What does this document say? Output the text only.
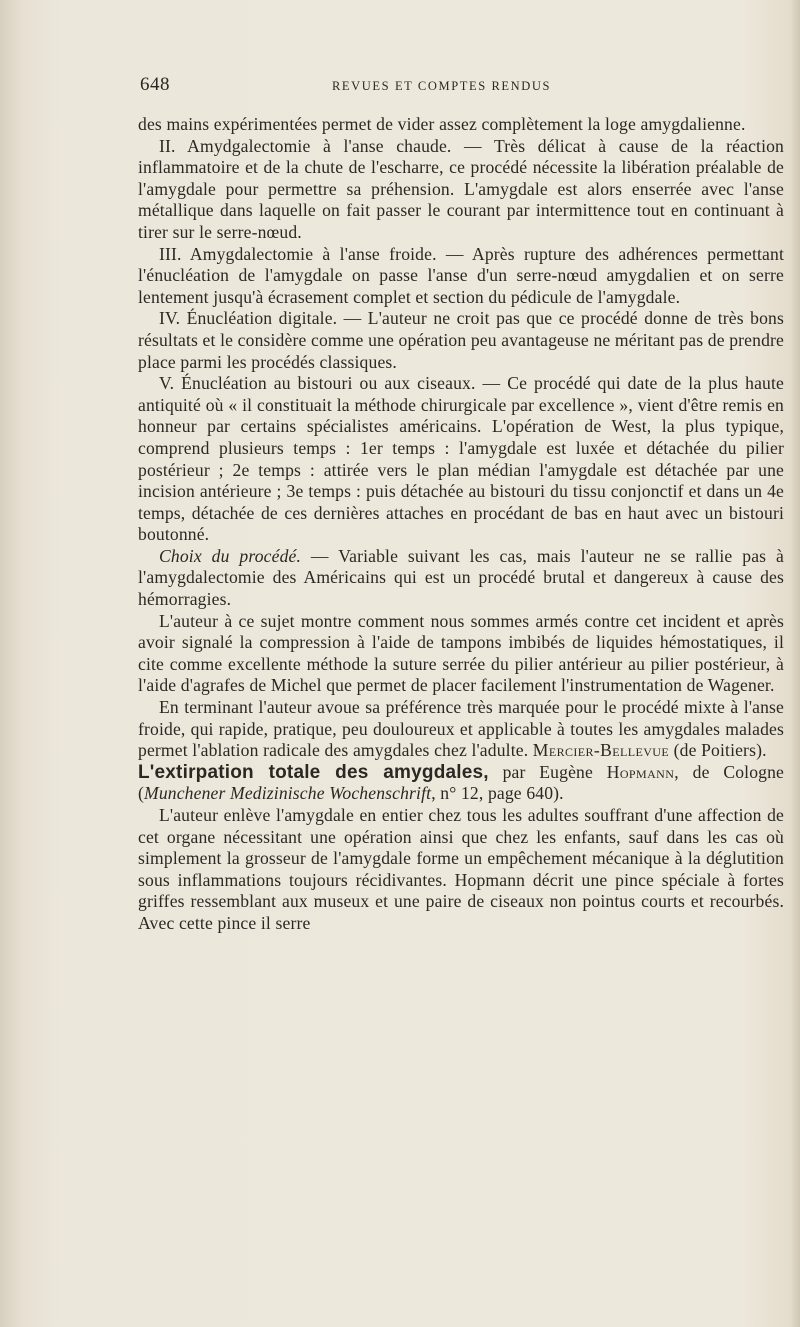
648	REVUES ET COMPTES RENDUS

des mains expérimentées permet de vider assez complètement la loge amygdalienne.

II. Amydgalectomie à l'anse chaude. — Très délicat à cause de la réaction inflammatoire et de la chute de l'escharre, ce procédé nécessite la libération préalable de l'amygdale pour permettre sa préhension. L'amygdale est alors enserrée avec l'anse métallique dans laquelle on fait passer le courant par intermittence tout en continuant à tirer sur le serre-nœud.

III. Amygdalectomie à l'anse froide. — Après rupture des adhérences permettant l'énucléation de l'amygdale on passe l'anse d'un serre-nœud amygdalien et on serre lentement jusqu'à écrasement complet et section du pédicule de l'amygdale.

IV. Énucléation digitale. — L'auteur ne croit pas que ce procédé donne de très bons résultats et le considère comme une opération peu avantageuse ne méritant pas de prendre place parmi les procédés classiques.

V. Énucléation au bistouri ou aux ciseaux. — Ce procédé qui date de la plus haute antiquité où « il constituait la méthode chirurgicale par excellence », vient d'être remis en honneur par certains spécialistes américains. L'opération de West, la plus typique, comprend plusieurs temps : 1er temps : l'amygdale est luxée et détachée du pilier postérieur ; 2e temps : attirée vers le plan médian l'amygdale est détachée par une incision antérieure ; 3e temps : puis détachée au bistouri du tissu conjonctif et dans un 4e temps, détachée de ces dernières attaches en procédant de bas en haut avec un bistouri boutonné.

Choix du procédé. — Variable suivant les cas, mais l'auteur ne se rallie pas à l'amygdalectomie des Américains qui est un procédé brutal et dangereux à cause des hémorragies.

L'auteur à ce sujet montre comment nous sommes armés contre cet incident et après avoir signalé la compression à l'aide de tampons imbibés de liquides hémostatiques, il cite comme excellente méthode la suture serrée du pilier antérieur au pilier postérieur, à l'aide d'agrafes de Michel que permet de placer facilement l'instrumentation de Wagener.

En terminant l'auteur avoue sa préférence très marquée pour le procédé mixte à l'anse froide, qui rapide, pratique, peu douloureux et applicable à toutes les amygdales malades permet l'ablation radicale des amygdales chez l'adulte. Mercier-Bellevue (de Poitiers).

L'extirpation totale des amygdales, par Eugène Hopmann, de Cologne (Munchener Medizinische Wochenschrift, n° 12, page 640).

L'auteur enlève l'amygdale en entier chez tous les adultes souffrant d'une affection de cet organe nécessitant une opération ainsi que chez les enfants, sauf dans les cas où simplement la grosseur de l'amygdale forme un empêchement mécanique à la déglutition sous inflammations toujours récidivantes. Hopmann décrit une pince spéciale à fortes griffes ressemblant aux museux et une paire de ciseaux non pointus courts et recourbés. Avec cette pince il serre
